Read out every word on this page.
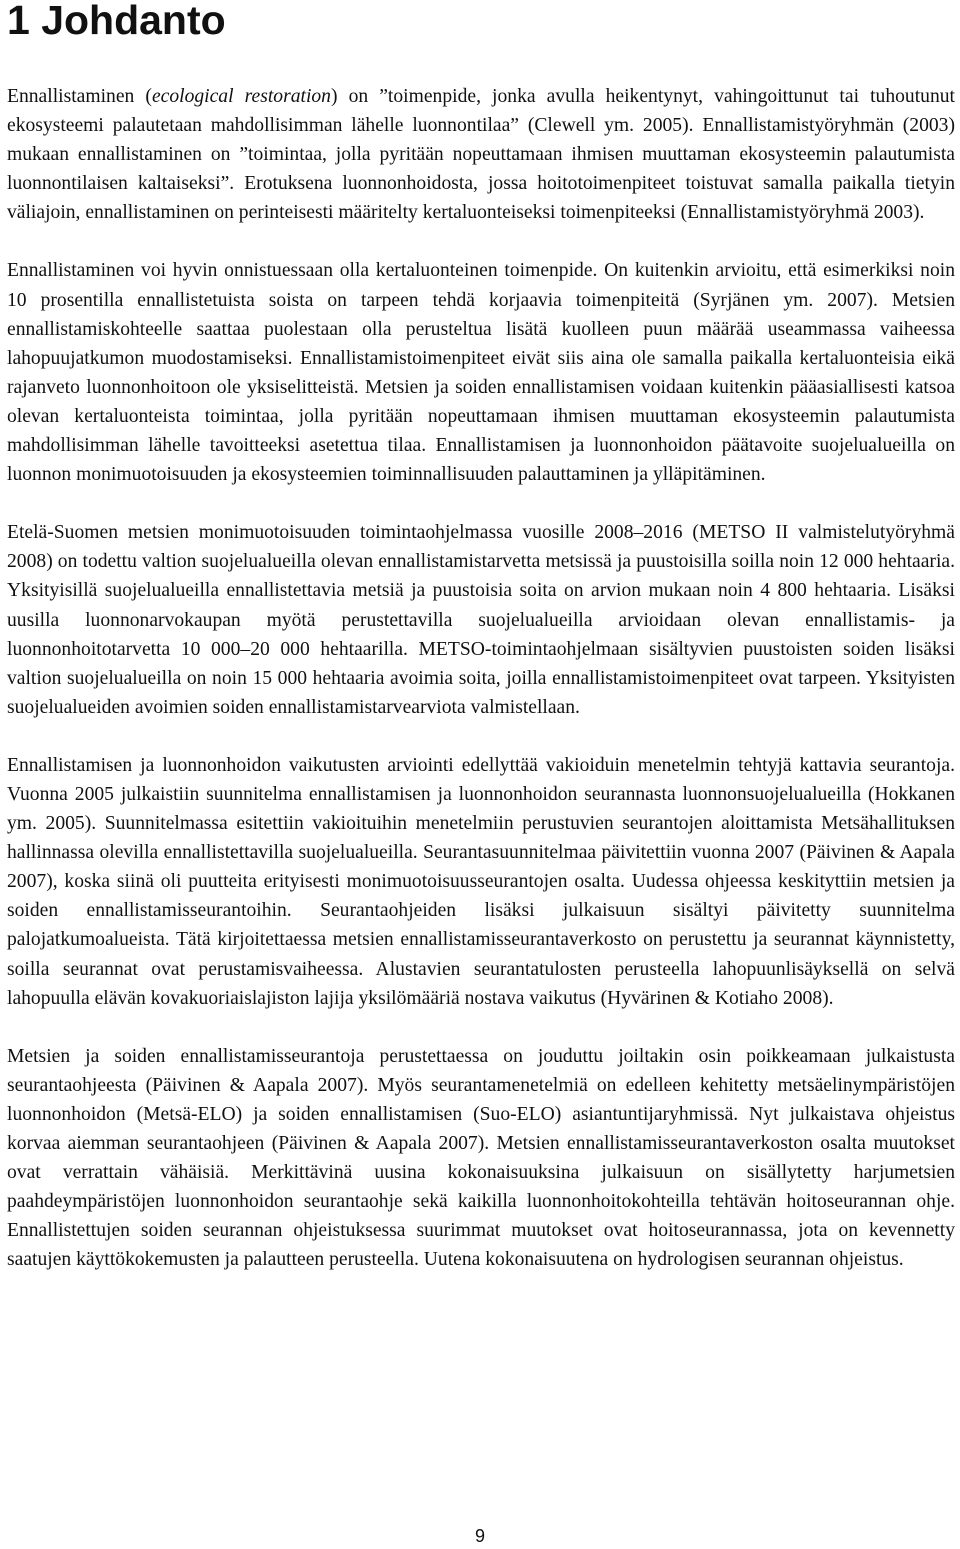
1 Johdanto

Ennallistaminen (ecological restoration) on ”toimenpide, jonka avulla heikentynyt, vahingoittunut tai tuhoutunut ekosysteemi palautetaan mahdollisimman lähelle luonnontilaa” (Clewell ym. 2005). Ennallistamistyöryhmän (2003) mukaan ennallistaminen on ”toimintaa, jolla pyritään nopeuttamaan ihmisen muuttaman ekosysteemin palautumista luonnontilaisen kaltaiseksi”. Erotuksena luonnonhoidosta, jossa hoitotoimenpiteet toistuvat samalla paikalla tietyin väliajoin, ennallistaminen on perinteisesti määritelty kertaluonteiseksi toimenpiteeksi (Ennallistamistyöryhmä 2003).

Ennallistaminen voi hyvin onnistuessaan olla kertaluonteinen toimenpide. On kuitenkin arvioitu, että esimerkiksi noin 10 prosentilla ennallistetuista soista on tarpeen tehdä korjaavia toimenpiteitä (Syrjänen ym. 2007). Metsien ennallistamiskohteelle saattaa puolestaan olla perusteltua lisätä kuolleen puun määrää useammassa vaiheessa lahopuujatkumon muodostamiseksi. Ennallistamistoimenpiteet eivät siis aina ole samalla paikalla kertaluonteisia eikä rajanveto luonnonhoitoon ole yksiselitteistä. Metsien ja soiden ennallistamisen voidaan kuitenkin pääasiallisesti katsoa olevan kertaluonteista toimintaa, jolla pyritään nopeuttamaan ihmisen muuttaman ekosysteemin palautumista mahdollisimman lähelle tavoitteeksi asetettua tilaa. Ennallistamisen ja luonnonhoidon päätavoite suojelualueilla on luonnon monimuotoisuuden ja ekosysteemien toiminnallisuuden palauttaminen ja ylläpitäminen.

Etelä-Suomen metsien monimuotoisuuden toimintaohjelmassa vuosille 2008–2016 (METSO II valmistelutyöryhmä 2008) on todettu valtion suojelualueilla olevan ennallistamistarvetta metsissä ja puustoisilla soilla noin 12 000 hehtaaria. Yksityisillä suojelualueilla ennallistettavia metsiä ja puustoisia soita on arvion mukaan noin 4 800 hehtaaria. Lisäksi uusilla luonnonarvokaupan myötä perustettavilla suojelualueilla arvioidaan olevan ennallistamis- ja luonnonhoitotarvetta 10 000–20 000 hehtaarilla. METSO-toimintaohjelmaan sisältyvien puustoisten soiden lisäksi valtion suojelualueilla on noin 15 000 hehtaaria avoimia soita, joilla ennallistamistoimenpiteet ovat tarpeen. Yksityisten suojelualueiden avoimien soiden ennallistamistarvearviota valmistellaan.

Ennallistamisen ja luonnonhoidon vaikutusten arviointi edellyttää vakioiduin menetelmin tehtyjä kattavia seurantoja. Vuonna 2005 julkaistiin suunnitelma ennallistamisen ja luonnonhoidon seurannasta luonnonsuojelualueilla (Hokkanen ym. 2005). Suunnitelmassa esitettiin vakioituihin menetelmiin perustuvien seurantojen aloittamista Metsähallituksen hallinnassa olevilla ennallistettavilla suojelualueilla. Seurantasuunnitelmaa päivitettiin vuonna 2007 (Päivinen & Aapala 2007), koska siinä oli puutteita erityisesti monimuotoisuusseurantojen osalta. Uudessa ohjeessa keskityttiin metsien ja soiden ennallistamisseurantoihin. Seurantaohjeiden lisäksi julkaisuun sisältyi päivitetty suunnitelma palojatkumoalueista. Tätä kirjoitettaessa metsien ennallistamisseurantaverkosto on perustettu ja seurannat käynnistetty, soilla seurannat ovat perustamisvaiheessa. Alustavien seurantatulosten perusteella lahopuunlisäyksellä on selvä lahopuulla elävän kovakuoriaislajiston lajija yksilömääriä nostava vaikutus (Hyvärinen & Kotiaho 2008).

Metsien ja soiden ennallistamisseurantoja perustettaessa on jouduttu joiltakin osin poikkeamaan julkaistusta seurantaohjeesta (Päivinen & Aapala 2007). Myös seurantamenetelmiä on edelleen kehitetty metsäelinympäristöjen luonnonhoidon (Metsä-ELO) ja soiden ennallistamisen (Suo-ELO) asiantuntijaryhmissä. Nyt julkaistava ohjeistus korvaa aiemman seurantaohjeen (Päivinen & Aapala 2007). Metsien ennallistamisseurantaverkoston osalta muutokset ovat verrattain vähäisiä. Merkittävinä uusina kokonaisuuksina julkaisuun on sisällytetty harjumetsien paahdeympäristöjen luonnonhoidon seurantaohje sekä kaikilla luonnonhoitokohteilla tehtävän hoitoseurannan ohje. Ennallistettujen soiden seurannan ohjeistuksessa suurimmat muutokset ovat hoitoseurannassa, jota on kevennetty saatujen käyttökokemusten ja palautteen perusteella. Uutena kokonaisuutena on hydrologisen seurannan ohjeistus.

9
